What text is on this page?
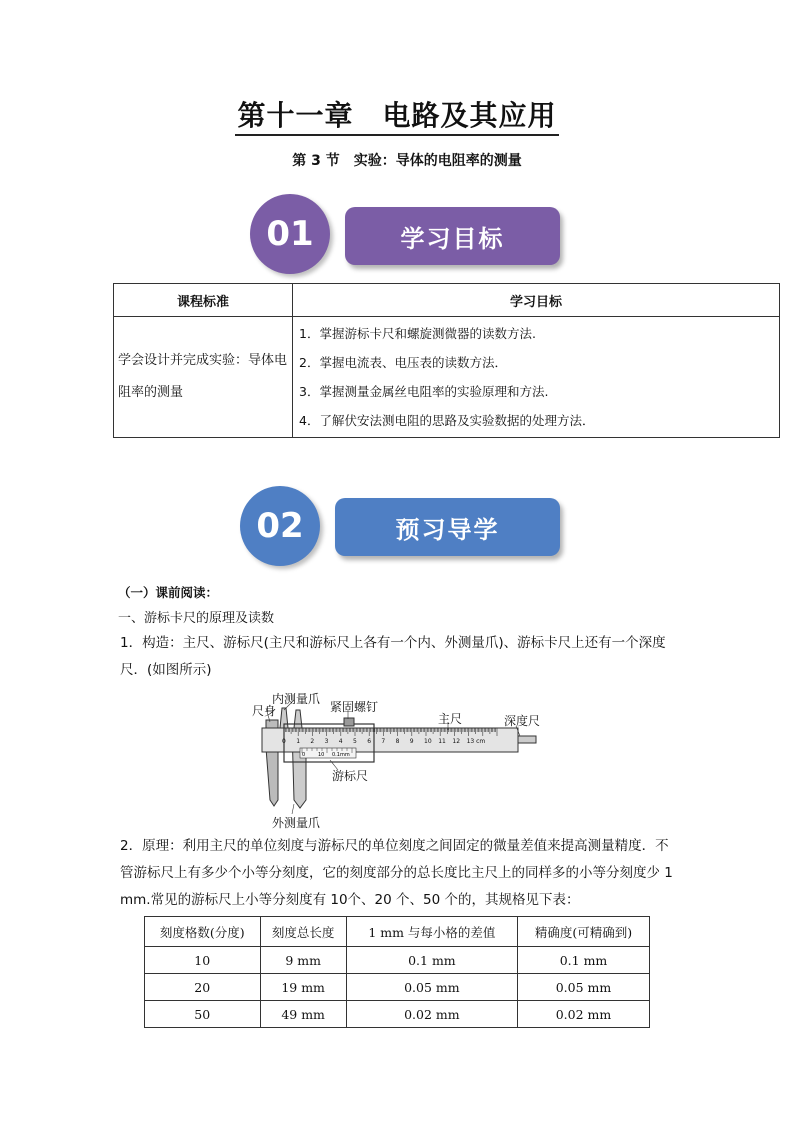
第十一章　电路及其应用
第 3 节　实验：导体的电阻率的测量
01	学习目标
课程标准	学习目标
学会设计并完成实验：导体电阻率的测量	1．掌握游标卡尺和螺旋测微器的读数方法.
2．掌握电流表、电压表的读数方法．
3．掌握测量金属丝电阻率的实验原理和方法.
4．了解伏安法测电阻的思路及实验数据的处理方法．
02	预习导学
（一）课前阅读：
一、游标卡尺的原理及读数
1．构造：主尺、游标尺(主尺和游标尺上各有一个内、外测量爪)、游标卡尺上还有一个深度尺．(如图所示)
0 1 2 3 4 5 6 7 8 9 10 11 12 13 cm
0	10 0.1mm
内测量爪
尺身	紧固螺钉
主尺	深度尺
游标尺
外测量爪
2．原理：利用主尺的单位刻度与游标尺的单位刻度之间固定的微量差值来提高测量精度．不管游标尺上有多少个小等分刻度，它的刻度部分的总长度比主尺上的同样多的小等分刻度少 1 mm.常见的游标尺上小等分刻度有 10个、20 个、50 个的，其规格见下表：
刻度格数(分度)	刻度总长度	1 mm 与每小格的差值	精确度(可精确到)
10	9 mm	0.1 mm	0.1 mm
20	19 mm	0.05 mm	0.05 mm
50	49 mm	0.02 mm	0.02 mm
